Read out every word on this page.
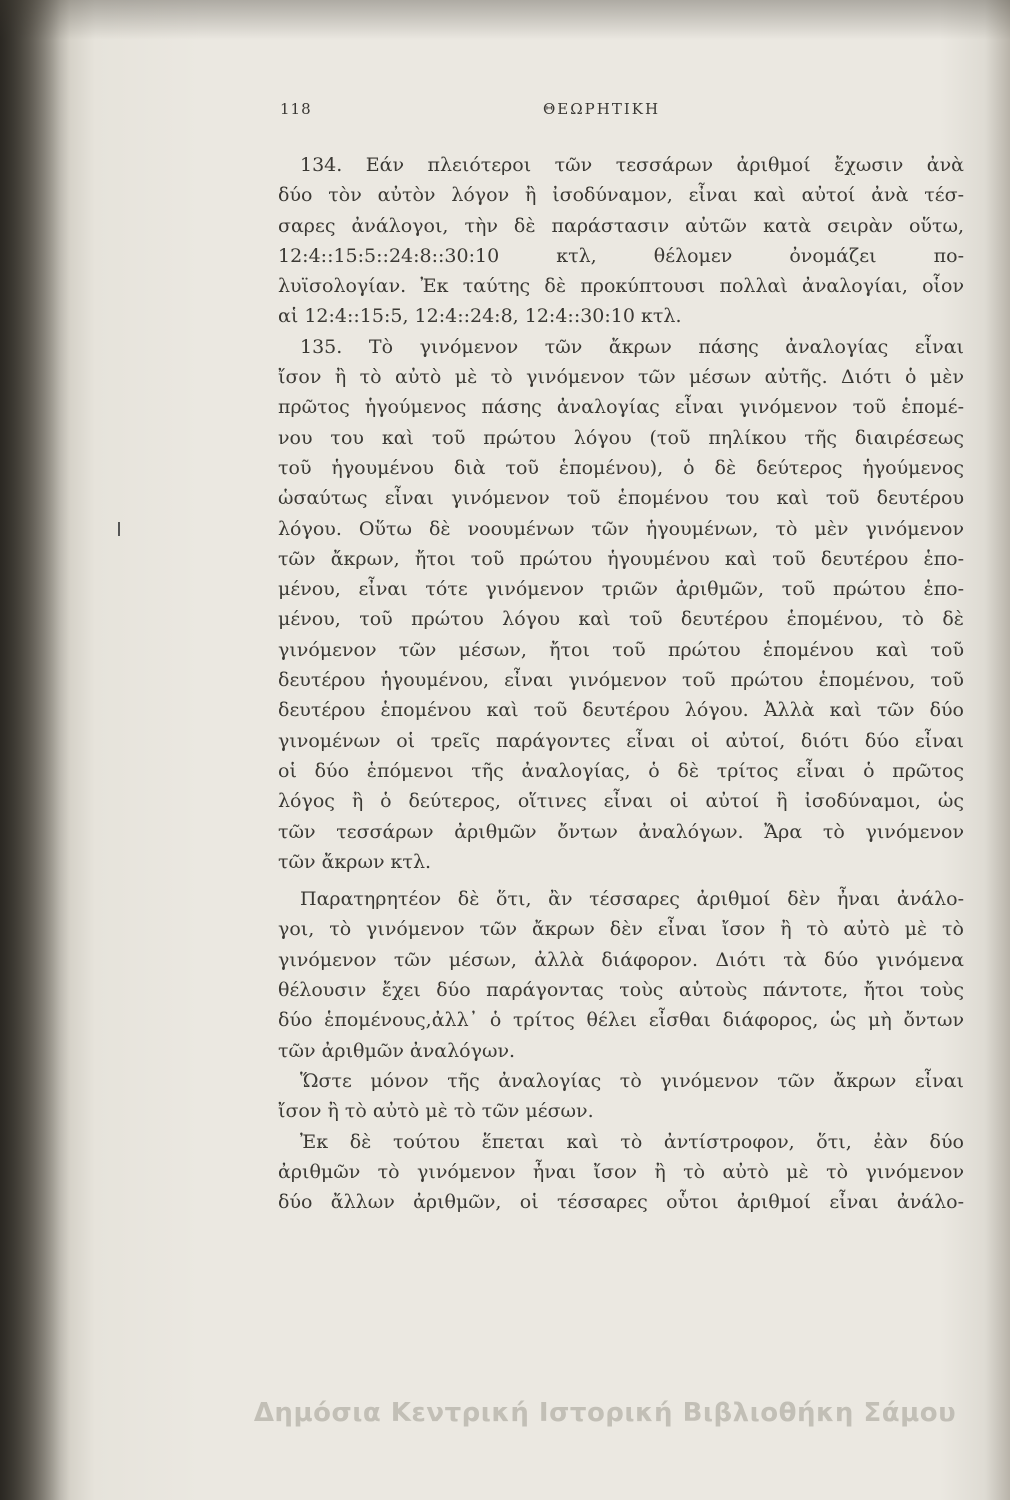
118	ΘΕΩΡΗΤΙΚΗ
134. Εάν πλειότεροι τῶν τεσσάρων ἀριθμοί ἔχωσιν ἀνὰ
δύο τὸν αὐτὸν λόγον ἢ ἰσοδύναμον, εἶναι καὶ αὐτοί ἀνὰ τέσ-
σαρες ἀνάλογοι, τὴν δὲ παράστασιν αὐτῶν κατὰ σειρὰν οὕτω,
12:4::15:5::24:8::30:10 κτλ, θέλομεν ὀνομάζει πο-
λυϊσολογίαν. Ἐκ ταύτης δὲ προκύπτουσι πολλαὶ ἀναλογίαι, οἷον
αἱ 12:4::15:5, 12:4::24:8, 12:4::30:10 κτλ.
135. Τὸ γινόμενον τῶν ἄκρων πάσης ἀναλογίας εἶναι
ἴσον ἢ τὸ αὐτὸ μὲ τὸ γινόμενον τῶν μέσων αὐτῆς. Διότι ὁ μὲν
πρῶτος ἡγούμενος πάσης ἀναλογίας εἶναι γινόμενον τοῦ ἑπομέ-
νου του καὶ τοῦ πρώτου λόγου (τοῦ πηλίκου τῆς διαιρέσεως
τοῦ ἡγουμένου διὰ τοῦ ἑπομένου), ὁ δὲ δεύτερος ἡγούμενος
ὡσαύτως εἶναι γινόμενον τοῦ ἑπομένου του καὶ τοῦ δευτέρου
λόγου. Οὕτω δὲ νοουμένων τῶν ἡγουμένων, τὸ μὲν γινόμενον
τῶν ἄκρων, ἤτοι τοῦ πρώτου ἡγουμένου καὶ τοῦ δευτέρου ἑπο-
μένου, εἶναι τότε γινόμενον τριῶν ἀριθμῶν, τοῦ πρώτου ἑπο-
μένου, τοῦ πρώτου λόγου καὶ τοῦ δευτέρου ἑπομένου, τὸ δὲ
γινόμενον τῶν μέσων, ἤτοι τοῦ πρώτου ἑπομένου καὶ τοῦ
δευτέρου ἡγουμένου, εἶναι γινόμενον τοῦ πρώτου ἑπομένου, τοῦ
δευτέρου ἑπομένου καὶ τοῦ δευτέρου λόγου. Ἀλλὰ καὶ τῶν δύο
γινομένων οἱ τρεῖς παράγοντες εἶναι οἱ αὐτοί, διότι δύο εἶναι
οἱ δύο ἑπόμενοι τῆς ἀναλογίας, ὁ δὲ τρίτος εἶναι ὁ πρῶτος
λόγος ἢ ὁ δεύτερος, οἵτινες εἶναι οἱ αὐτοί ἢ ἰσοδύναμοι, ὡς
τῶν τεσσάρων ἀριθμῶν ὄντων ἀναλόγων. Ἄρα τὸ γινόμενον
τῶν ἄκρων κτλ.
Παρατηρητέον δὲ ὅτι, ἂν τέσσαρες ἀριθμοί δὲν ἦναι ἀνάλο-
γοι, τὸ γινόμενον τῶν ἄκρων δὲν εἶναι ἴσον ἢ τὸ αὐτὸ μὲ τὸ
γινόμενον τῶν μέσων, ἀλλὰ διάφορον. Διότι τὰ δύο γινόμενα
θέλουσιν ἔχει δύο παράγοντας τοὺς αὐτοὺς πάντοτε, ἤτοι τοὺς
δύο ἑπομένους,ἀλλ᾽ ὁ τρίτος θέλει εἶσθαι διάφορος, ὡς μὴ ὄντων
τῶν ἀριθμῶν ἀναλόγων.
Ὥστε μόνον τῆς ἀναλογίας τὸ γινόμενον τῶν ἄκρων εἶναι
ἴσον ἢ τὸ αὐτὸ μὲ τὸ τῶν μέσων.
Ἐκ δὲ τούτου ἕπεται καὶ τὸ ἀντίστροφον, ὅτι, ἐὰν δύο
ἀριθμῶν τὸ γινόμενον ἦναι ἴσον ἢ τὸ αὐτὸ μὲ τὸ γινόμενον
δύο ἄλλων ἀριθμῶν, οἱ τέσσαρες οὗτοι ἀριθμοί εἶναι ἀνάλο-
Δημόσια Κεντρική Ιστορική Βιβλιοθήκη Σάμου
